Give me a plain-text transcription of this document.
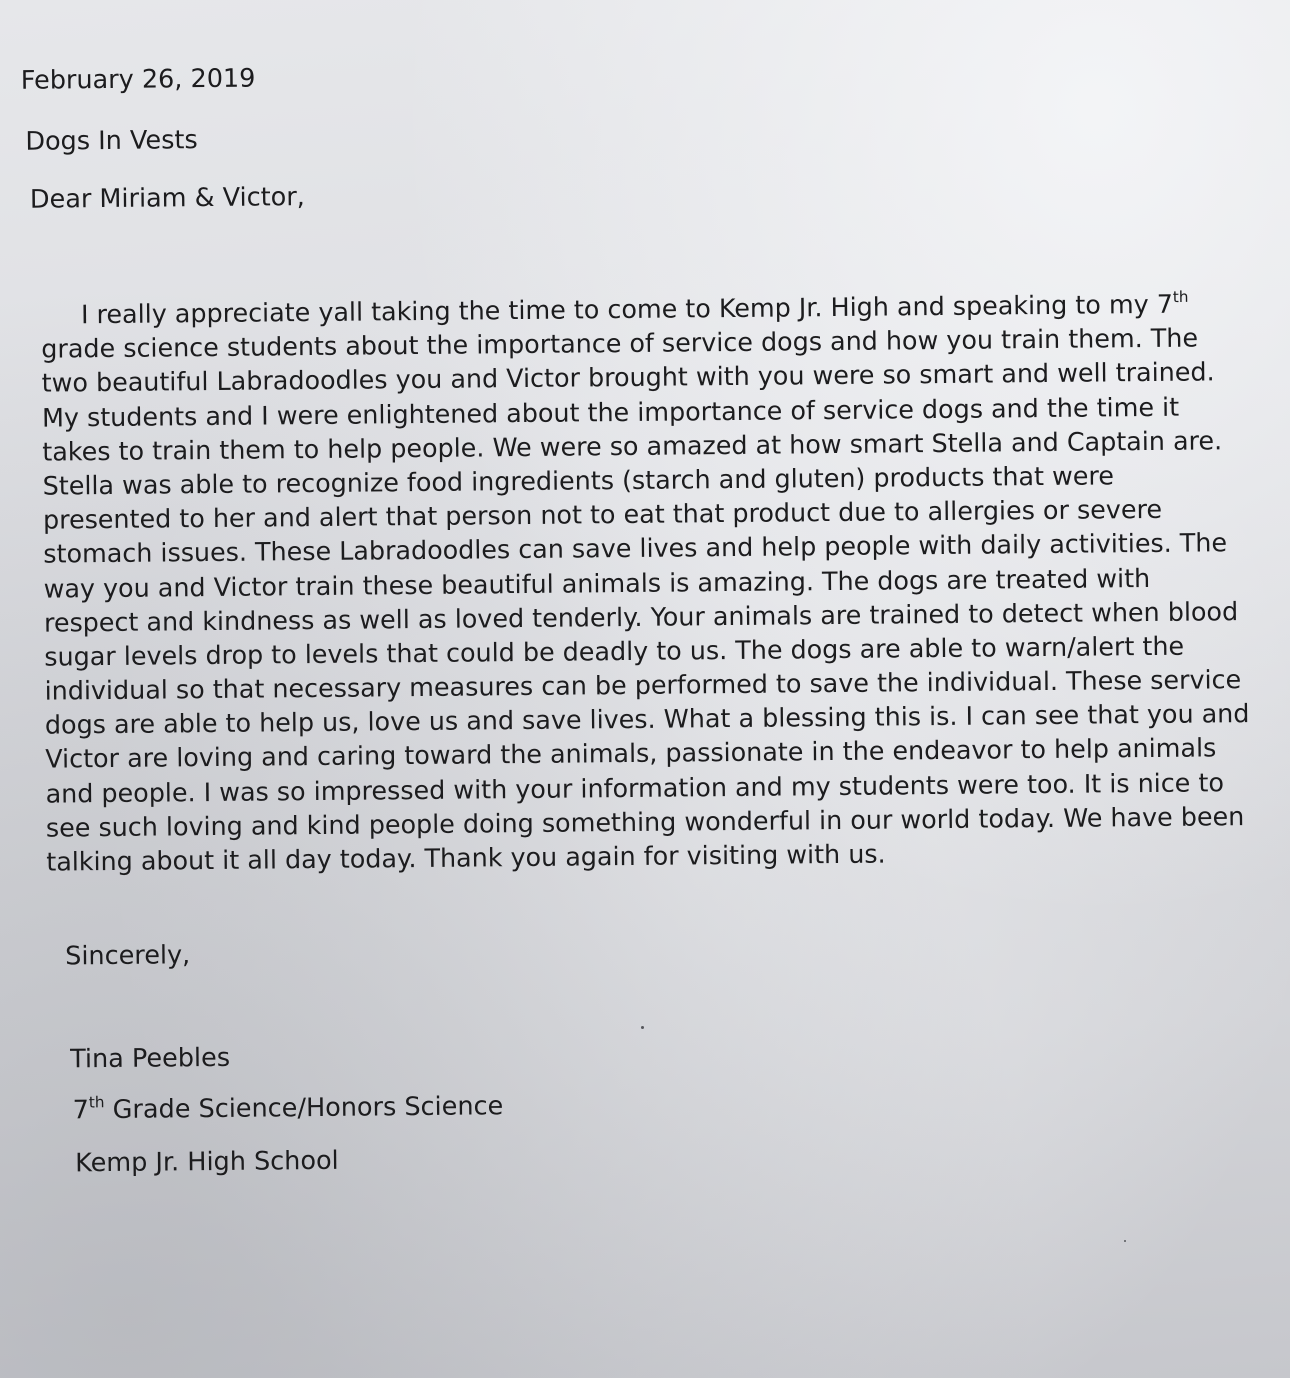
February 26, 2019
Dogs In Vests
Dear Miriam & Victor,
I really appreciate yall taking the time to come to Kemp Jr. High and speaking to my 7th
grade science students about the importance of service dogs and how you train them. The
two beautiful Labradoodles you and Victor brought with you were so smart and well trained.
My students and I were enlightened about the importance of service dogs and the time it
takes to train them to help people. We were so amazed at how smart Stella and Captain are.
Stella was able to recognize food ingredients (starch and gluten) products that were
presented to her and alert that person not to eat that product due to allergies or severe
stomach issues. These Labradoodles can save lives and help people with daily activities. The
way you and Victor train these beautiful animals is amazing. The dogs are treated with
respect and kindness as well as loved tenderly. Your animals are trained to detect when blood
sugar levels drop to levels that could be deadly to us. The dogs are able to warn/alert the
individual so that necessary measures can be performed to save the individual. These service
dogs are able to help us, love us and save lives. What a blessing this is. I can see that you and
Victor are loving and caring toward the animals, passionate in the endeavor to help animals
and people. I was so impressed with your information and my students were too. It is nice to
see such loving and kind people doing something wonderful in our world today. We have been
talking about it all day today. Thank you again for visiting with us.
Sincerely,
Tina Peebles
7th Grade Science/Honors Science
Kemp Jr. High School
